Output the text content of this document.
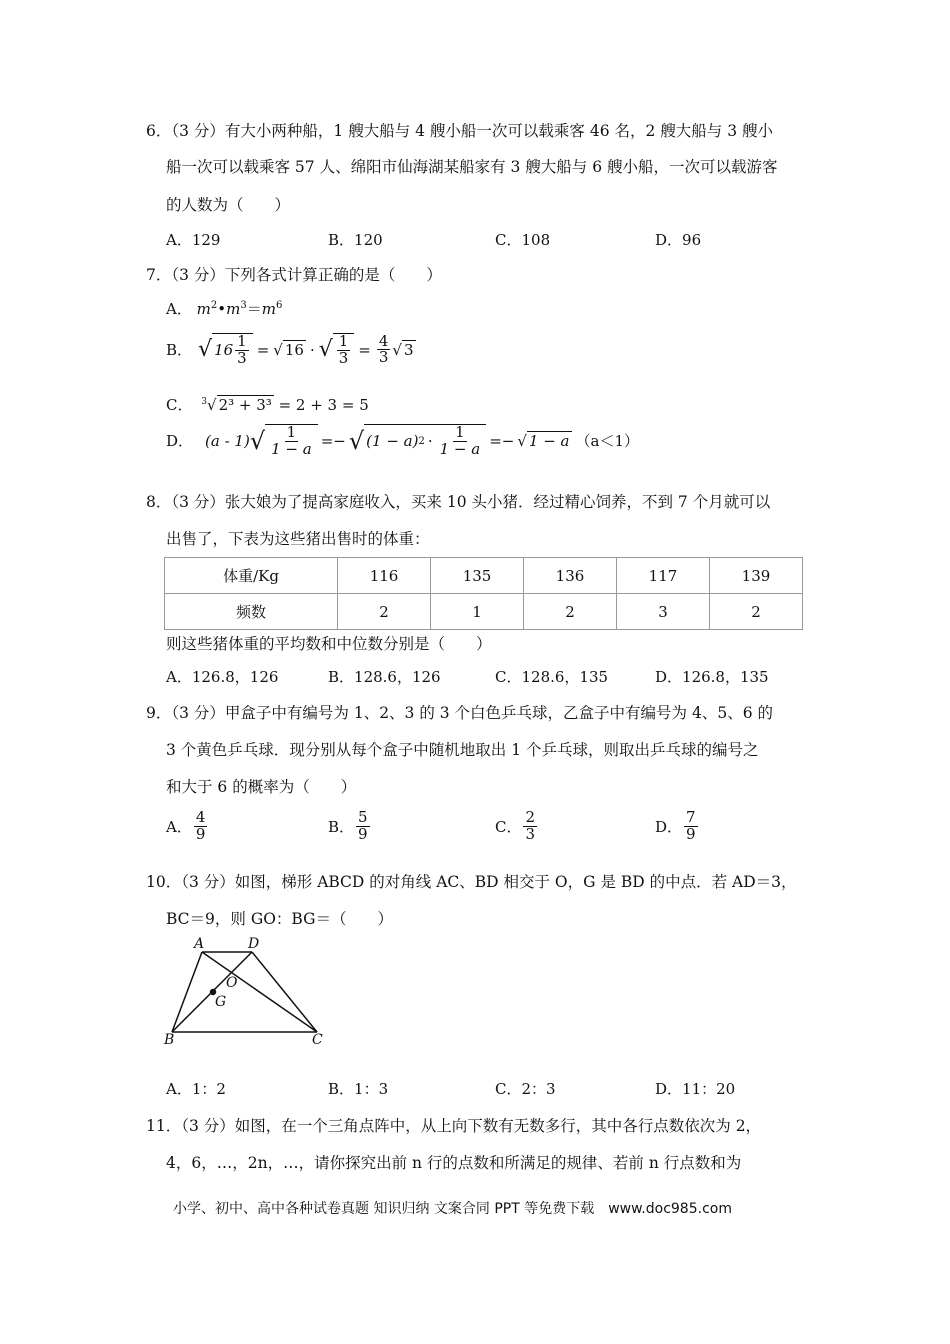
6．（3 分）有大小两种船，1 艘大船与 4 艘小船一次可以载乘客 46 名，2 艘大船与 3 艘小
船一次可以载乘客 57 人、绵阳市仙海湖某船家有 3 艘大船与 6 艘小船，一次可以载游客
的人数为（　　）
A．129	B．120	C．108	D．96
7．（3 分）下列各式计算正确的是（　　）
A． $m^2•m^3=m^6$
B． √ $16 \frac{1}{3}$ = √ 16 · √ $\frac{1}{3} = \frac{4}{3}$ √ 3
C． $^3$√ 2³ + 3³ = 2 + 3 = 5
D． (a - 1) √ $\frac{1}{1 - a}$ =− √ (1 − a) $2 \cdot \frac{1}{1 - a}$ =− √ 1 − a （a＜1）
8．（3 分）张大娘为了提高家庭收入，买来 10 头小猪．经过精心饲养，不到 7 个月就可以
出售了，下表为这些猪出售时的体重：
体重/Kg	116	135	136	117	139
频数	2	1	2	3	2
则这些猪体重的平均数和中位数分别是（　　）
A．126.8，126	B．128.6，126	C．128.6，135	D．126.8，135
9．（3 分）甲盒子中有编号为 1、2、3 的 3 个白色乒乓球，乙盒子中有编号为 4、5、6 的
3 个黄色乒乓球．现分别从每个盒子中随机地取出 1 个乒乓球，则取出乒乓球的编号之
和大于 6 的概率为（　　）
A． $\frac{4}{9}$	B． $\frac{5}{9}$	C． $\frac{2}{3}$	D． $\frac{7}{9}$
10．（3 分）如图，梯形 ABCD 的对角线 AC、BD 相交于 O，G 是 BD 的中点．若 AD＝3，
BC＝9，则 GO：BG＝（　　）
A	D
O
G
B	C
A．1：2	B．1：3	C．2：3	D．11：20
11．（3 分）如图，在一个三角点阵中，从上向下数有无数多行，其中各行点数依次为 2，
4，6，…，2n，…，请你探究出前 n 行的点数和所满足的规律、若前 n 行点数和为
小学、初中、高中各种试卷真题 知识归纳 文案合同 PPT 等免费下载　www.doc985.com
